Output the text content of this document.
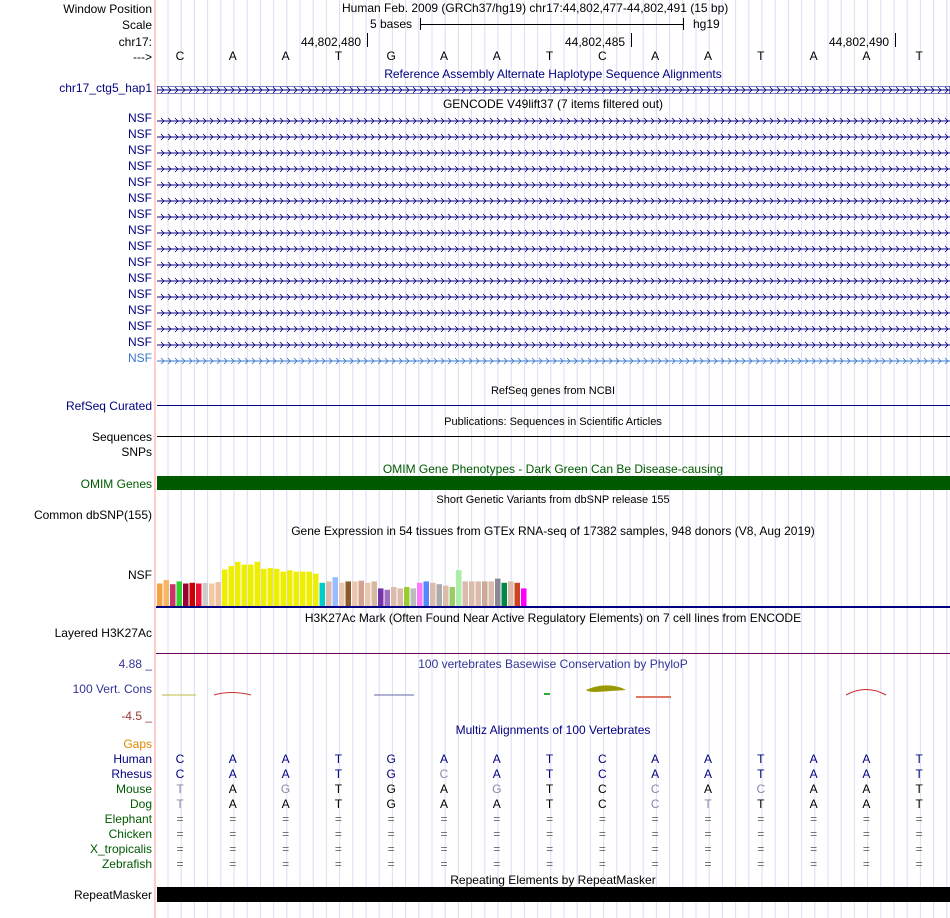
Window Position
Scale
chr17:
--->
Human Feb. 2009 (GRCh37/hg19) chr17:44,802,477-44,802,491 (15 bp)
5 bases	hg19
44,802,480	44,802,485	44,802,490
C	A	A	T	G	A	A	T	C	A	A	T	A	A	T
Reference Assembly Alternate Haplotype Sequence Alignments
chr17_ctg5_hap1
GENCODE V49lift37 (7 items filtered out)
NSF
NSF
NSF
NSF
NSF
NSF
NSF
NSF
NSF
NSF
NSF
NSF
NSF
NSF
NSF
NSF
RefSeq genes from NCBI
RefSeq Curated
Publications: Sequences in Scientific Articles
Sequences
SNPs
OMIM Gene Phenotypes - Dark Green Can Be Disease-causing
OMIM Genes
Short Genetic Variants from dbSNP release 155
Common dbSNP(155)
Gene Expression in 54 tissues from GTEx RNA-seq of 17382 samples, 948 donors (V8, Aug 2019)
NSF
H3K27Ac Mark (Often Found Near Active Regulatory Elements) on 7 cell lines from ENCODE
Layered H3K27Ac
100 vertebrates Basewise Conservation by PhyloP
4.88 _
100 Vert. Cons
-4.5 _
Multiz Alignments of 100 Vertebrates
Gaps
Human C	A	A	T	G	A	A	T	C	A	A	T	A	A	T
Rhesus C	A	A	T	G	C	A	T	C	A	A	T	A	A	T
Mouse T	A	G	T	G	A	G	T	C	C	A	C	A	A	T
Dog T	A	A	T	G	A	A	T	C	C	T	T	A	A	T
Elephant =	=	=	=	=	=	=	=	=	=	=	=	=	=	=
Chicken =	=	=	=	=	=	=	=	=	=	=	=	=	=	=
X_tropicalis =	=	=	=	=	=	=	=	=	=	=	=	=	=	=
Zebrafish =	=	=	=	=	=	=	=	=	=	=	=	=	=	=
Repeating Elements by RepeatMasker
RepeatMasker
